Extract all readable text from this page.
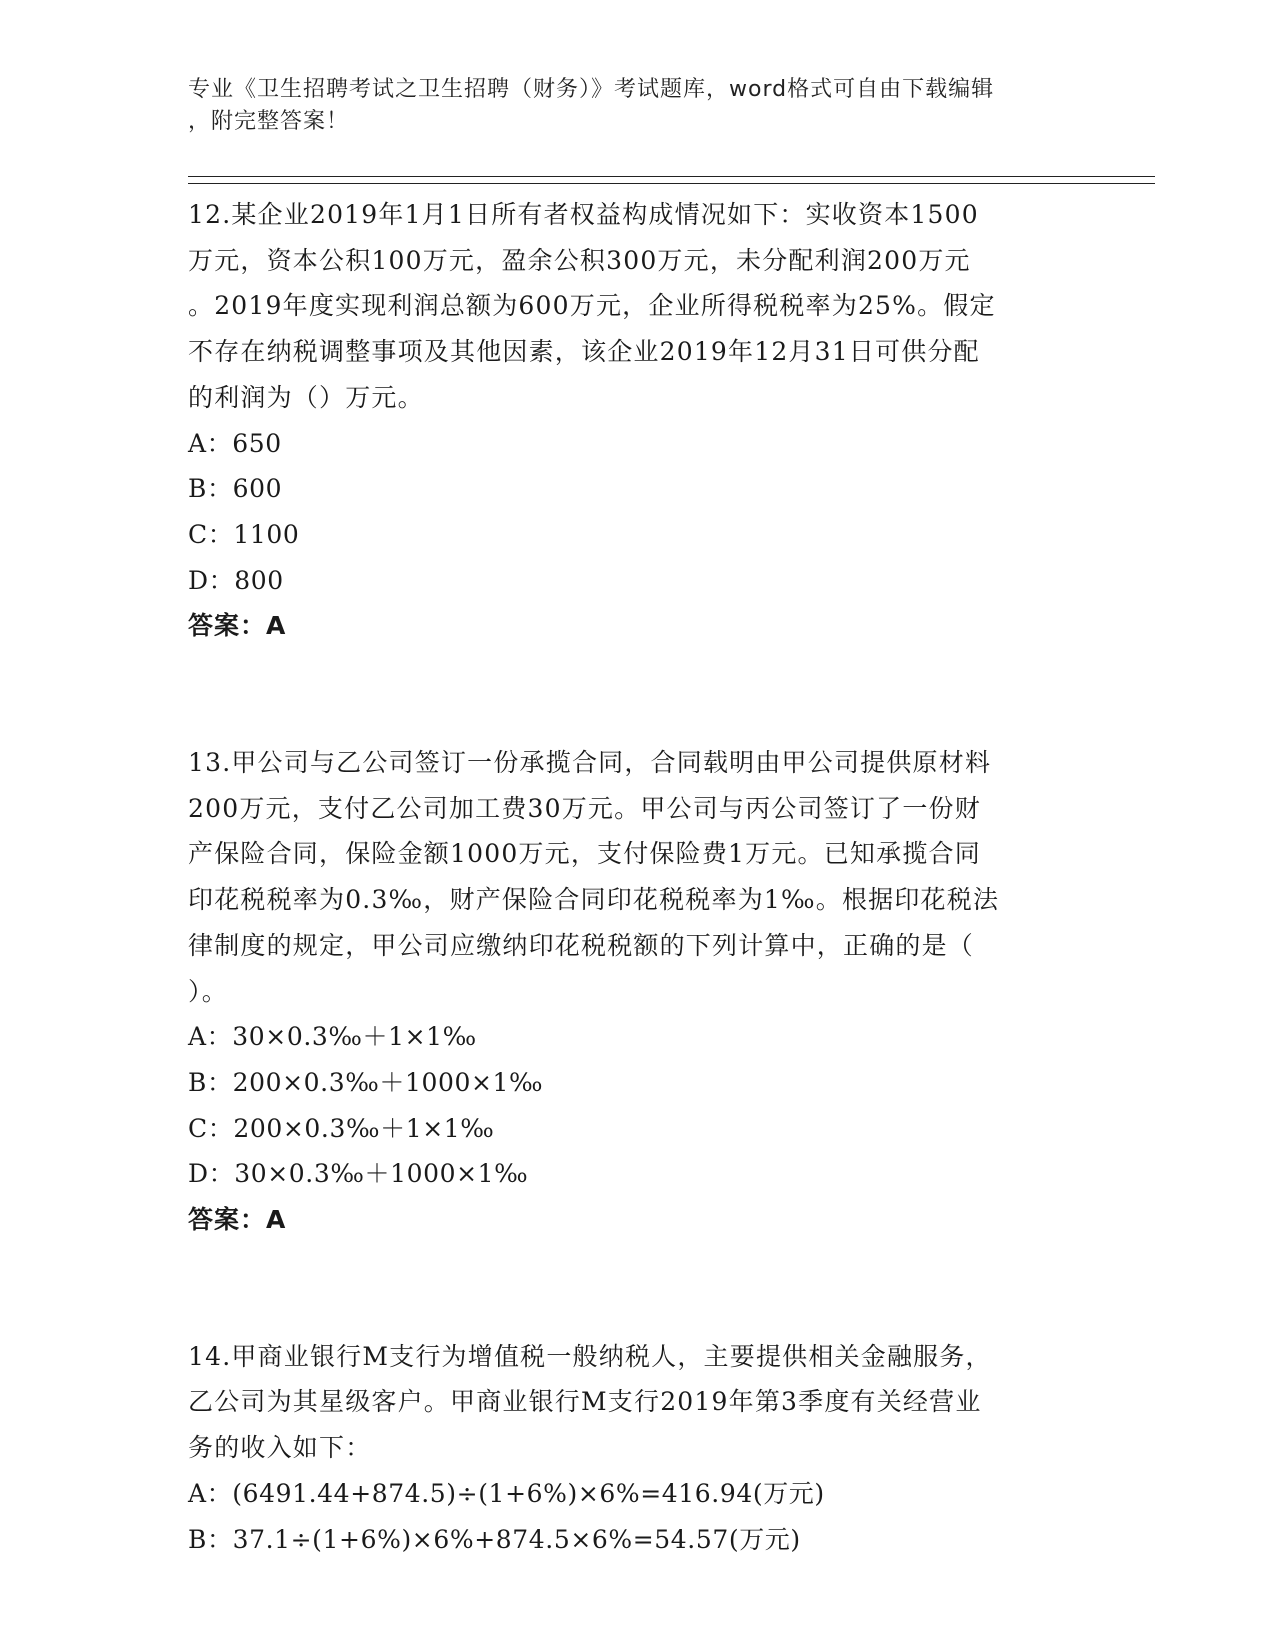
专业《卫生招聘考试之卫生招聘（财务）》考试题库，word格式可自由下载编辑
，附完整答案！
12.某企业2019年1月1日所有者权益构成情况如下：实收资本1500
万元，资本公积100万元，盈余公积300万元，未分配利润200万元
。2019年度实现利润总额为600万元，企业所得税税率为25%。假定
不存在纳税调整事项及其他因素，该企业2019年12月31日可供分配
的利润为（）万元。
A：650
B：600
C：1100
D：800
答案：A
13.甲公司与乙公司签订一份承揽合同，合同载明由甲公司提供原材料
200万元，支付乙公司加工费30万元。甲公司与丙公司签订了一份财
产保险合同，保险金额1000万元，支付保险费1万元。已知承揽合同
印花税税率为0.3‰，财产保险合同印花税税率为1‰。根据印花税法
律制度的规定，甲公司应缴纳印花税税额的下列计算中，正确的是（
）。
A：30×0.3‰＋1×1‰
B：200×0.3‰＋1000×1‰
C：200×0.3‰＋1×1‰
D：30×0.3‰＋1000×1‰
答案：A
14.甲商业银行M支行为增值税一般纳税人，主要提供相关金融服务，
乙公司为其星级客户。甲商业银行M支行2019年第3季度有关经营业
务的收入如下：
A：(6491.44+874.5)÷(1+6%)×6%=416.94(万元)
B：37.1÷(1+6%)×6%+874.5×6%=54.57(万元)
